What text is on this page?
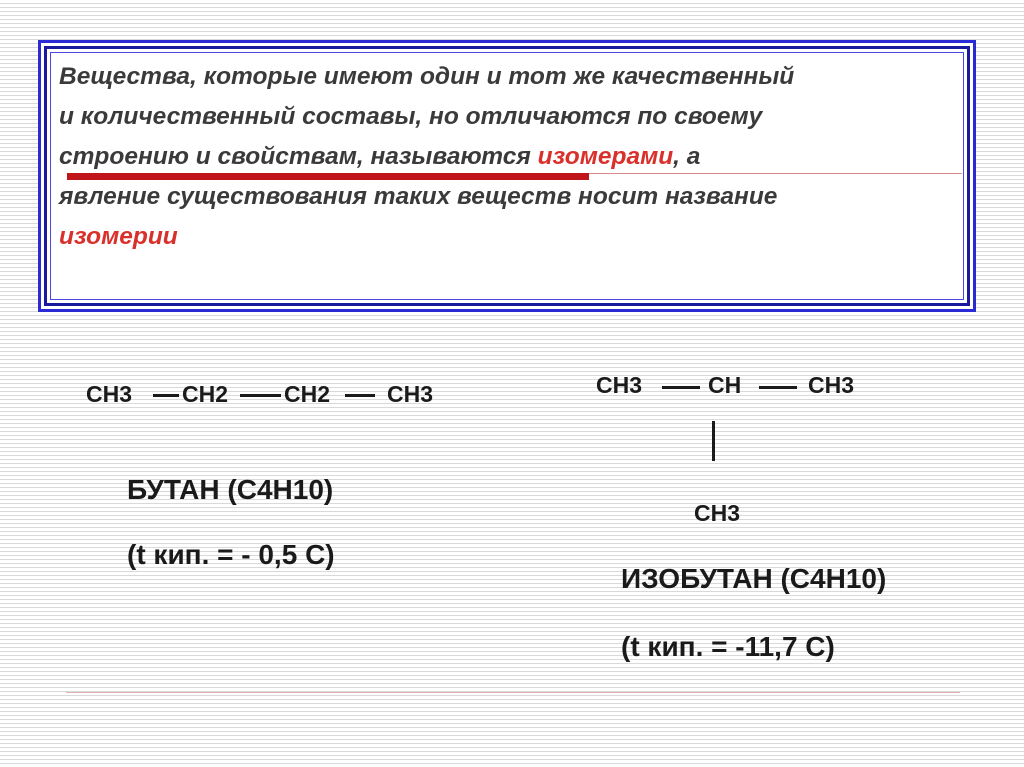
Вещества, которые имеют один и тот же качественный
и количественный составы, но отличаются по своему
строению и свойствам, называются изомерами, а
явление существования таких веществ носит название
изомерии

CH3 CH2 CH2 CH3
БУТАН (C4H10)
(t кип. = - 0,5 C)
CH3	CH	CH3
CH3
ИЗОБУТАН (C4H10)
(t кип. = -11,7 C)
